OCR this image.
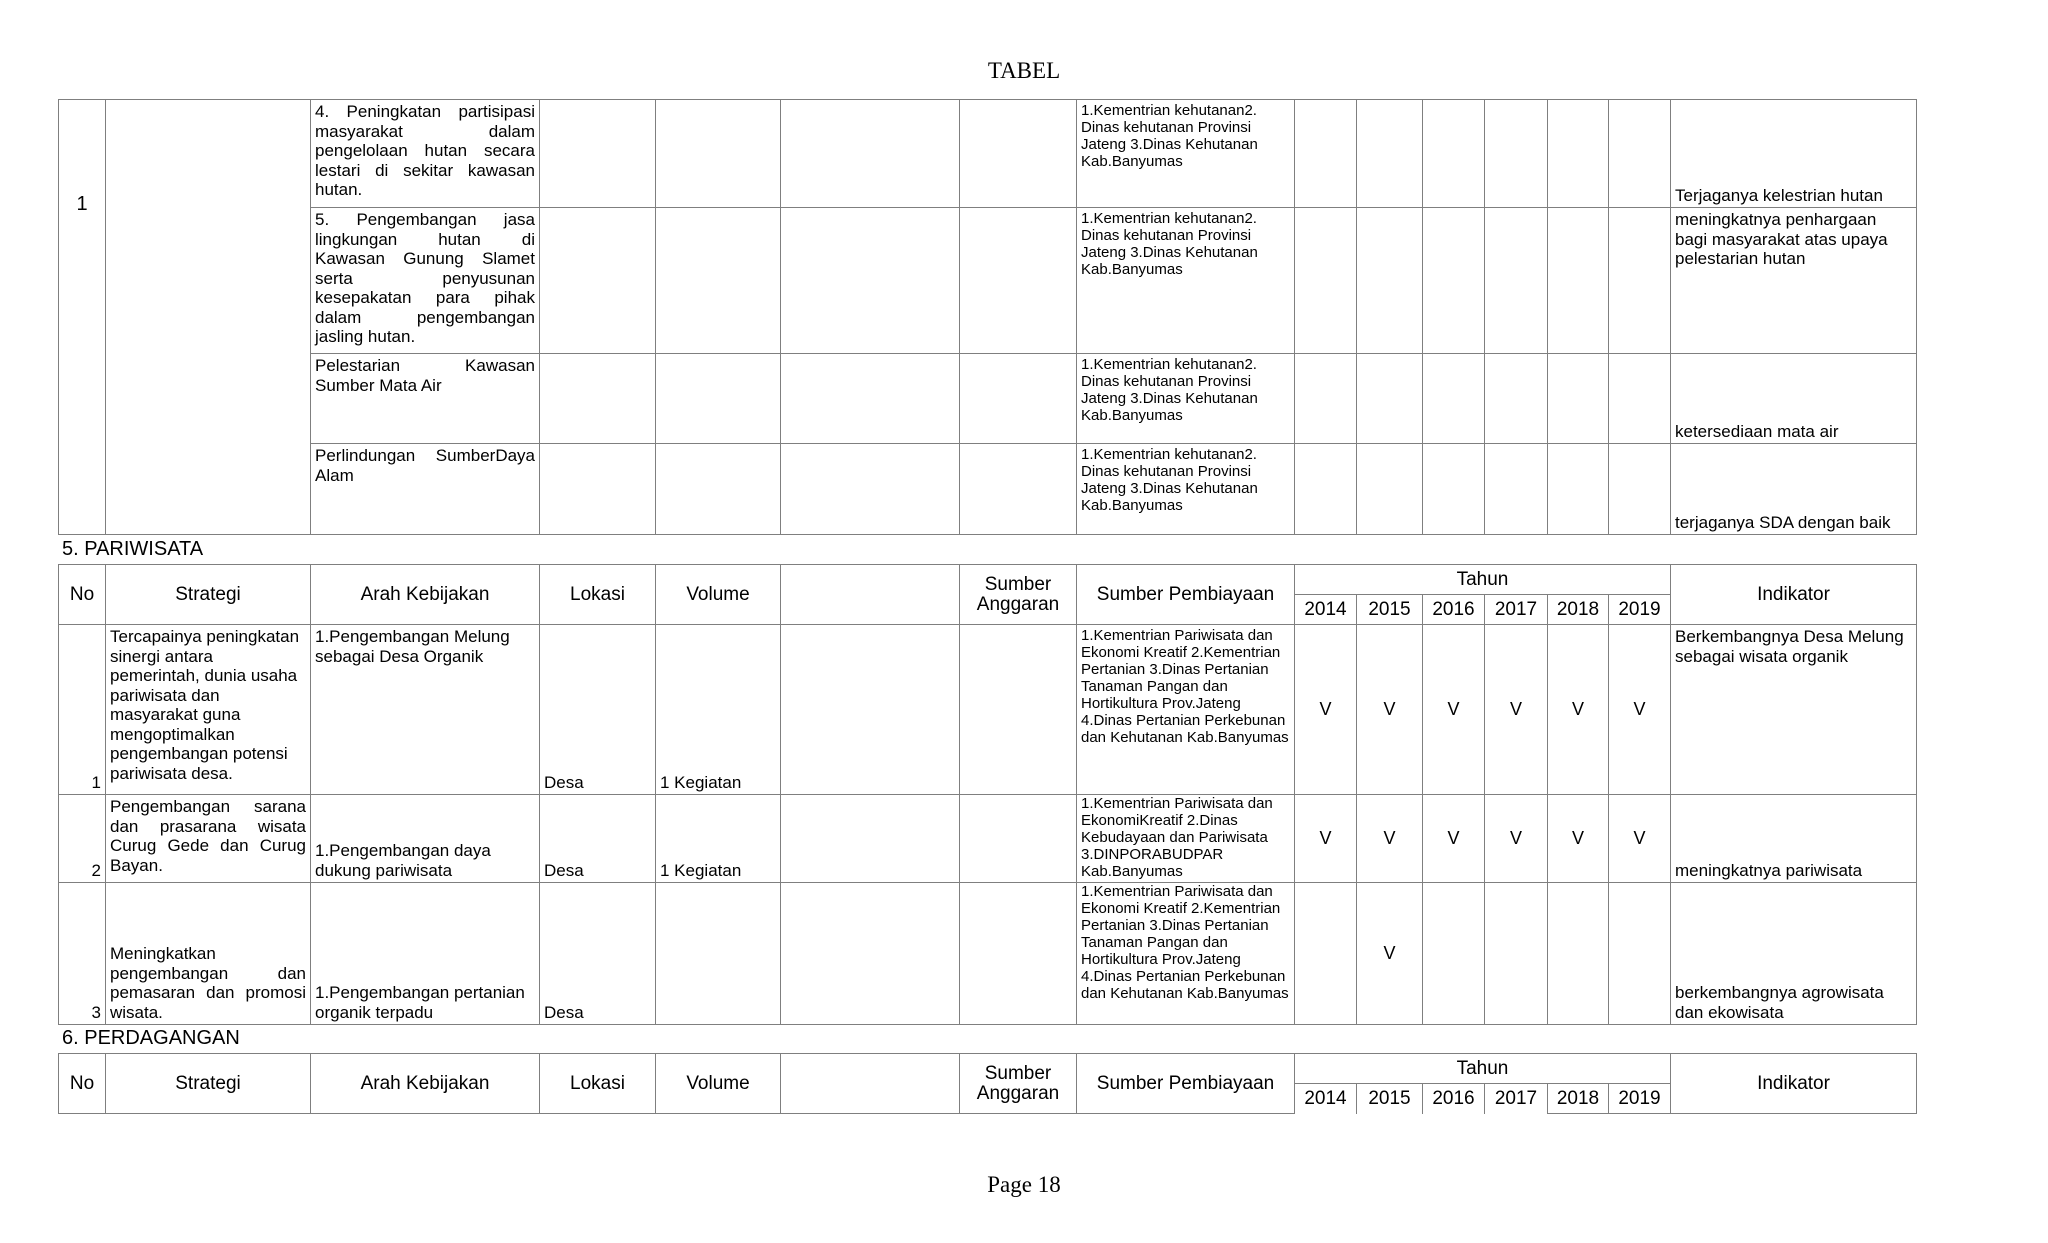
TABEL
1		4. Peningkatan partisipasi masyarakat dalam pengelolaan hutan secara lestari di sekitar kawasan hutan.					1.Kementrian kehutanan2. Dinas kehutanan Provinsi Jateng 3.Dinas Kehutanan Kab.Banyumas							Terjaganya kelestrian hutan
		5. Pengembangan jasa lingkungan hutan di Kawasan Gunung Slamet serta penyusunan kesepakatan para pihak dalam pengembangan jasling hutan.					1.Kementrian kehutanan2. Dinas kehutanan Provinsi Jateng 3.Dinas Kehutanan Kab.Banyumas							meningkatnya penhargaan bagi masyarakat atas upaya pelestarian hutan
		Pelestarian Kawasan Sumber Mata Air					1.Kementrian kehutanan2. Dinas kehutanan Provinsi Jateng 3.Dinas Kehutanan Kab.Banyumas							ketersediaan mata air
		Perlindungan SumberDaya Alam					1.Kementrian kehutanan2. Dinas kehutanan Provinsi Jateng 3.Dinas Kehutanan Kab.Banyumas							terjaganya SDA dengan baik
5. PARIWISATA
No	Strategi	Arah Kebijakan	Lokasi	Volume		Sumber Anggaran	Sumber Pembiayaan	Tahun						Indikator
								2014	2015	2016	2017	2018	2019	
1	Tercapainya peningkatan sinergi antara pemerintah, dunia usaha pariwisata dan masyarakat guna mengoptimalkan pengembangan potensi pariwisata desa.	1.Pengembangan Melung sebagai Desa Organik	Desa	1 Kegiatan			1.Kementrian Pariwisata dan Ekonomi Kreatif 2.Kementrian Pertanian 3.Dinas Pertanian Tanaman Pangan dan Hortikultura Prov.Jateng 4.Dinas Pertanian Perkebunan dan Kehutanan Kab.Banyumas	V	V	V	V	V	V	Berkembangnya Desa Melung sebagai wisata organik
2	Pengembangan sarana dan prasarana wisata Curug Gede dan Curug Bayan.	1.Pengembangan daya dukung pariwisata	Desa	1 Kegiatan			1.Kementrian Pariwisata dan EkonomiKreatif 2.Dinas Kebudayaan dan Pariwisata 3.DINPORABUDPAR Kab.Banyumas	V	V	V	V	V	V	meningkatnya pariwisata
3	Meningkatkan pengembangan dan pemasaran dan promosi wisata.	1.Pengembangan pertanian organik terpadu	Desa				1.Kementrian Pariwisata dan Ekonomi Kreatif 2.Kementrian Pertanian 3.Dinas Pertanian Tanaman Pangan dan Hortikultura Prov.Jateng 4.Dinas Pertanian Perkebunan dan Kehutanan Kab.Banyumas		V					berkembangnya agrowisata dan ekowisata
6. PERDAGANGAN
No	Strategi	Arah Kebijakan	Lokasi	Volume		Sumber Anggaran	Sumber Pembiayaan	Tahun						Indikator
								2014	2015	2016	2017	2018	2019	
Page 18
